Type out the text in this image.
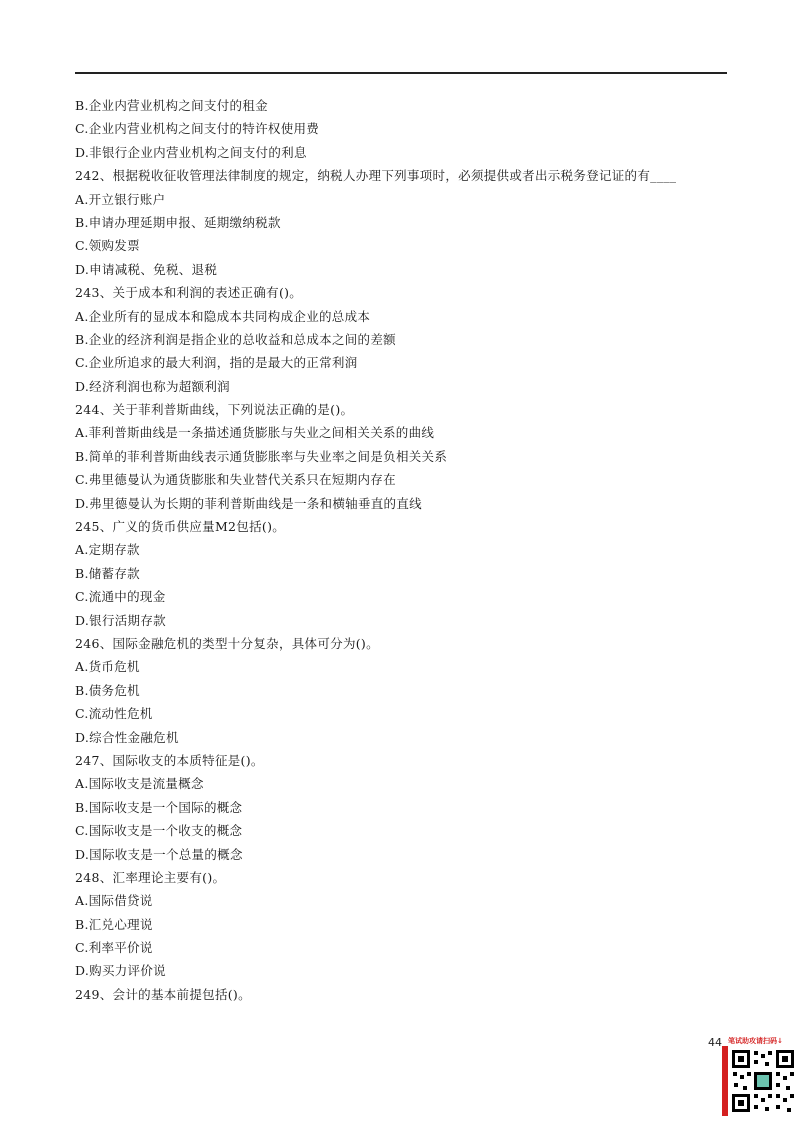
B.企业内营业机构之间支付的租金
C.企业内营业机构之间支付的特许权使用费
D.非银行企业内营业机构之间支付的利息
242、根据税收征收管理法律制度的规定，纳税人办理下列事项时，必须提供或者出示税务登记证的有____
A.开立银行账户
B.申请办理延期申报、延期缴纳税款
C.领购发票
D.申请减税、免税、退税
243、关于成本和利润的表述正确有()。
A.企业所有的显成本和隐成本共同构成企业的总成本
B.企业的经济利润是指企业的总收益和总成本之间的差额
C.企业所追求的最大利润，指的是最大的正常利润
D.经济利润也称为超额利润
244、关于菲利普斯曲线，下列说法正确的是()。
A.菲利普斯曲线是一条描述通货膨胀与失业之间相关关系的曲线
B.简单的菲利普斯曲线表示通货膨胀率与失业率之间是负相关关系
C.弗里德曼认为通货膨胀和失业替代关系只在短期内存在
D.弗里德曼认为长期的菲利普斯曲线是一条和横轴垂直的直线
245、广义的货币供应量M2包括()。
A.定期存款
B.储蓄存款
C.流通中的现金
D.银行活期存款
246、国际金融危机的类型十分复杂，具体可分为()。
A.货币危机
B.债务危机
C.流动性危机
D.综合性金融危机
247、国际收支的本质特征是()。
A.国际收支是流量概念
B.国际收支是一个国际的概念
C.国际收支是一个收支的概念
D.国际收支是一个总量的概念
248、汇率理论主要有()。
A.国际借贷说
B.汇兑心理说
C.利率平价说
D.购买力评价说
249、会计的基本前提包括()。
44 笔试助攻请扫码↓
